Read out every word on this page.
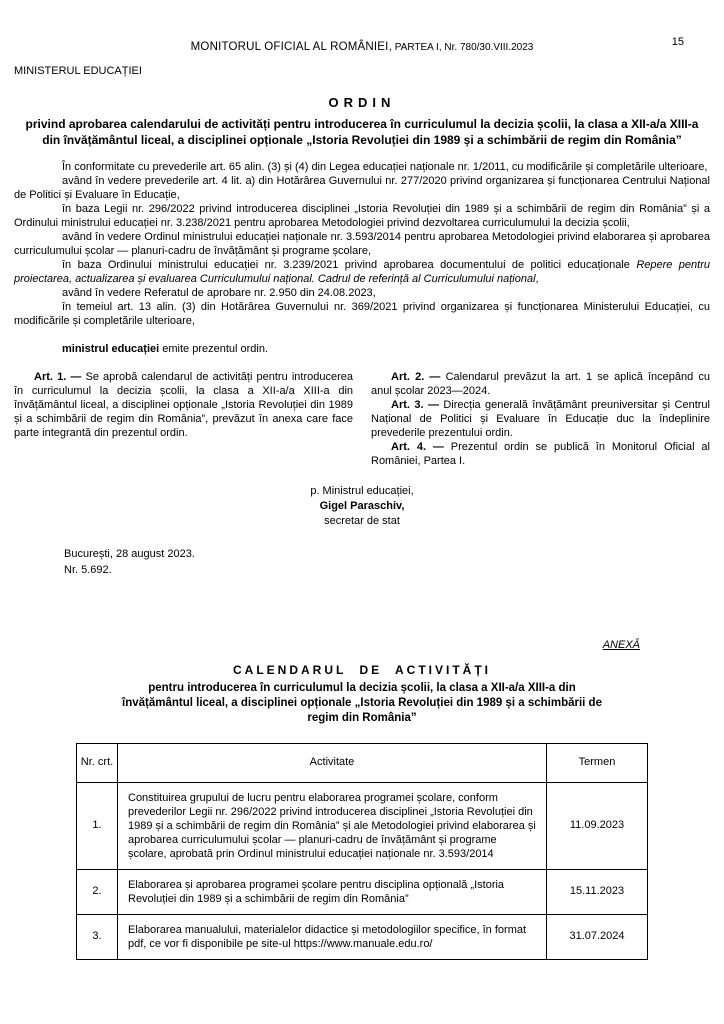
MONITORUL OFICIAL AL ROMÂNIEI, PARTEA I, Nr. 780/30.VIII.2023	15
MINISTERUL EDUCAȚIEI
ORDIN
privind aprobarea calendarului de activități pentru introducerea în curriculumul la decizia școlii, la clasa a XII-a/a XIII-a din învățământul liceal, a disciplinei opționale „Istoria Revoluției din 1989 și a schimbării de regim din România”

În conformitate cu prevederile art. 65 alin. (3) și (4) din Legea educației naționale nr. 1/2011, cu modificările și completările ulterioare,

având în vedere prevederile art. 4 lit. a) din Hotărârea Guvernului nr. 277/2020 privind organizarea și funcționarea Centrului Național de Politici și Evaluare în Educație,

în baza Legii nr. 296/2022 privind introducerea disciplinei „Istoria Revoluției din 1989 și a schimbării de regim din România” și a Ordinului ministrului educației nr. 3.238/2021 pentru aprobarea Metodologiei privind dezvoltarea curriculumului la decizia școlii,

având în vedere Ordinul ministrului educației naționale nr. 3.593/2014 pentru aprobarea Metodologiei privind elaborarea și aprobarea curriculumului școlar — planuri-cadru de învățământ și programe școlare,

în baza Ordinului ministrului educației nr. 3.239/2021 privind aprobarea documentului de politici educaționale Repere pentru proiectarea, actualizarea și evaluarea Curriculumului național. Cadrul de referință al Curriculumului național,

având în vedere Referatul de aprobare nr. 2.950 din 24.08.2023,

în temeiul art. 13 alin. (3) din Hotărârea Guvernului nr. 369/2021 privind organizarea și funcționarea Ministerului Educației, cu modificările și completările ulterioare,

ministrul educației emite prezentul ordin.

Art. 1. — Se aprobă calendarul de activități pentru introducerea în curriculumul la decizia școlii, la clasa a XII-a/a XIII-a din învățământul liceal, a disciplinei opționale „Istoria Revoluției din 1989 și a schimbării de regim din România”, prevăzut în anexa care face parte integrantă din prezentul ordin.

Art. 2. — Calendarul prevăzut la art. 1 se aplică începând cu anul școlar 2023—2024.

Art. 3. — Direcția generală învățământ preuniversitar și Centrul Național de Politici și Evaluare în Educație duc la îndeplinire prevederile prezentului ordin.

Art. 4. — Prezentul ordin se publică în Monitorul Oficial al României, Partea I.

p. Ministrul educației,
Gigel Paraschiv,
secretar de stat
București, 28 august 2023.
Nr. 5.692.
ANEXĂ
CALENDARUL DE ACTIVITĂȚI
pentru introducerea în curriculumul la decizia școlii, la clasa a XII-a/a XIII-a din învățământul liceal, a disciplinei opționale „Istoria Revoluției din 1989 și a schimbării de regim din România”
Nr. crt.	Activitate	Termen
1.	Constituirea grupului de lucru pentru elaborarea programei școlare, conform prevederilor Legii nr. 296/2022 privind introducerea disciplinei „Istoria Revoluției din 1989 și a schimbării de regim din România” și ale Metodologiei privind elaborarea și aprobarea curriculumului școlar — planuri-cadru de învățământ și programe școlare, aprobată prin Ordinul ministrului educației naționale nr. 3.593/2014	11.09.2023
2.	Elaborarea și aprobarea programei școlare pentru disciplina opțională „Istoria Revoluției din 1989 și a schimbării de regim din România”	15.11.2023
3.	Elaborarea manualului, materialelor didactice și metodologiilor specifice, în format pdf, ce vor fi disponibile pe site-ul https://www.manuale.edu.ro/	31.07.2024
